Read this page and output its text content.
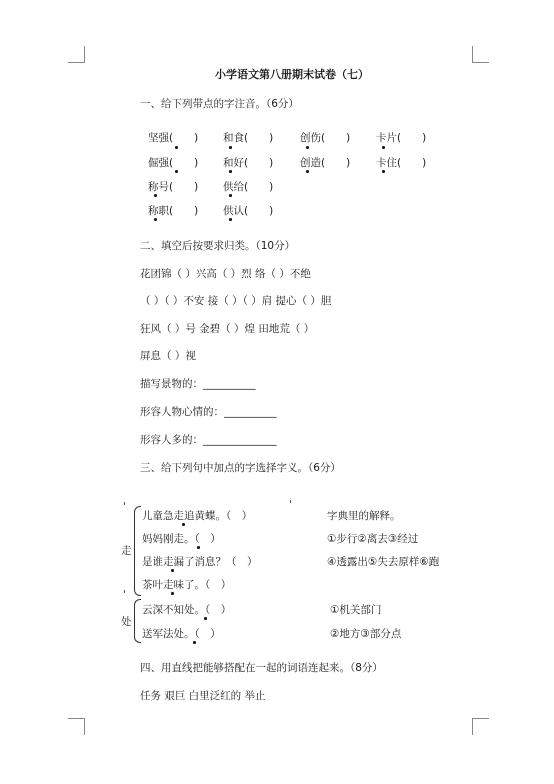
小学语文第八册期末试卷（七）
一、给下列带点的字注音。（6分）
坚强(　　) 和食(　　)	创伤(　　) 卡片(　　)
倔强(　　) 和好(　　)	创造(　　) 卡住(　　)
称号(　　) 供给(　　)
称职(　　) 供认(　　)
二、填空后按要求归类。（10分）
花团锦（ ）兴高（ ）烈 络（ ）不绝
（ ）（ ）不安 接（ ）（ ）肩 提心（ ）胆
狂风（ ）号 金碧（ ）煌 田地荒（ ）
屏息（ ）视
描写景物的：__________
形容人物心情的：__________
形容人多的：______________
三、给下列句中加点的字选择字义。（6分）
走
儿童急走追黄蝶。（　）
妈妈刚走。（　）
是谁走漏了消息？（　）
茶叶走味了。（　）
字典里的解释。
①步行②离去③经过
④透露出⑤失去原样⑥跑
处
云深不知处。（　）
送军法处。（　）
①机关部门
②地方③部分点
四、用直线把能够搭配在一起的词语连起来。（8分）
任务 艰巨 白里泛红的 举止
